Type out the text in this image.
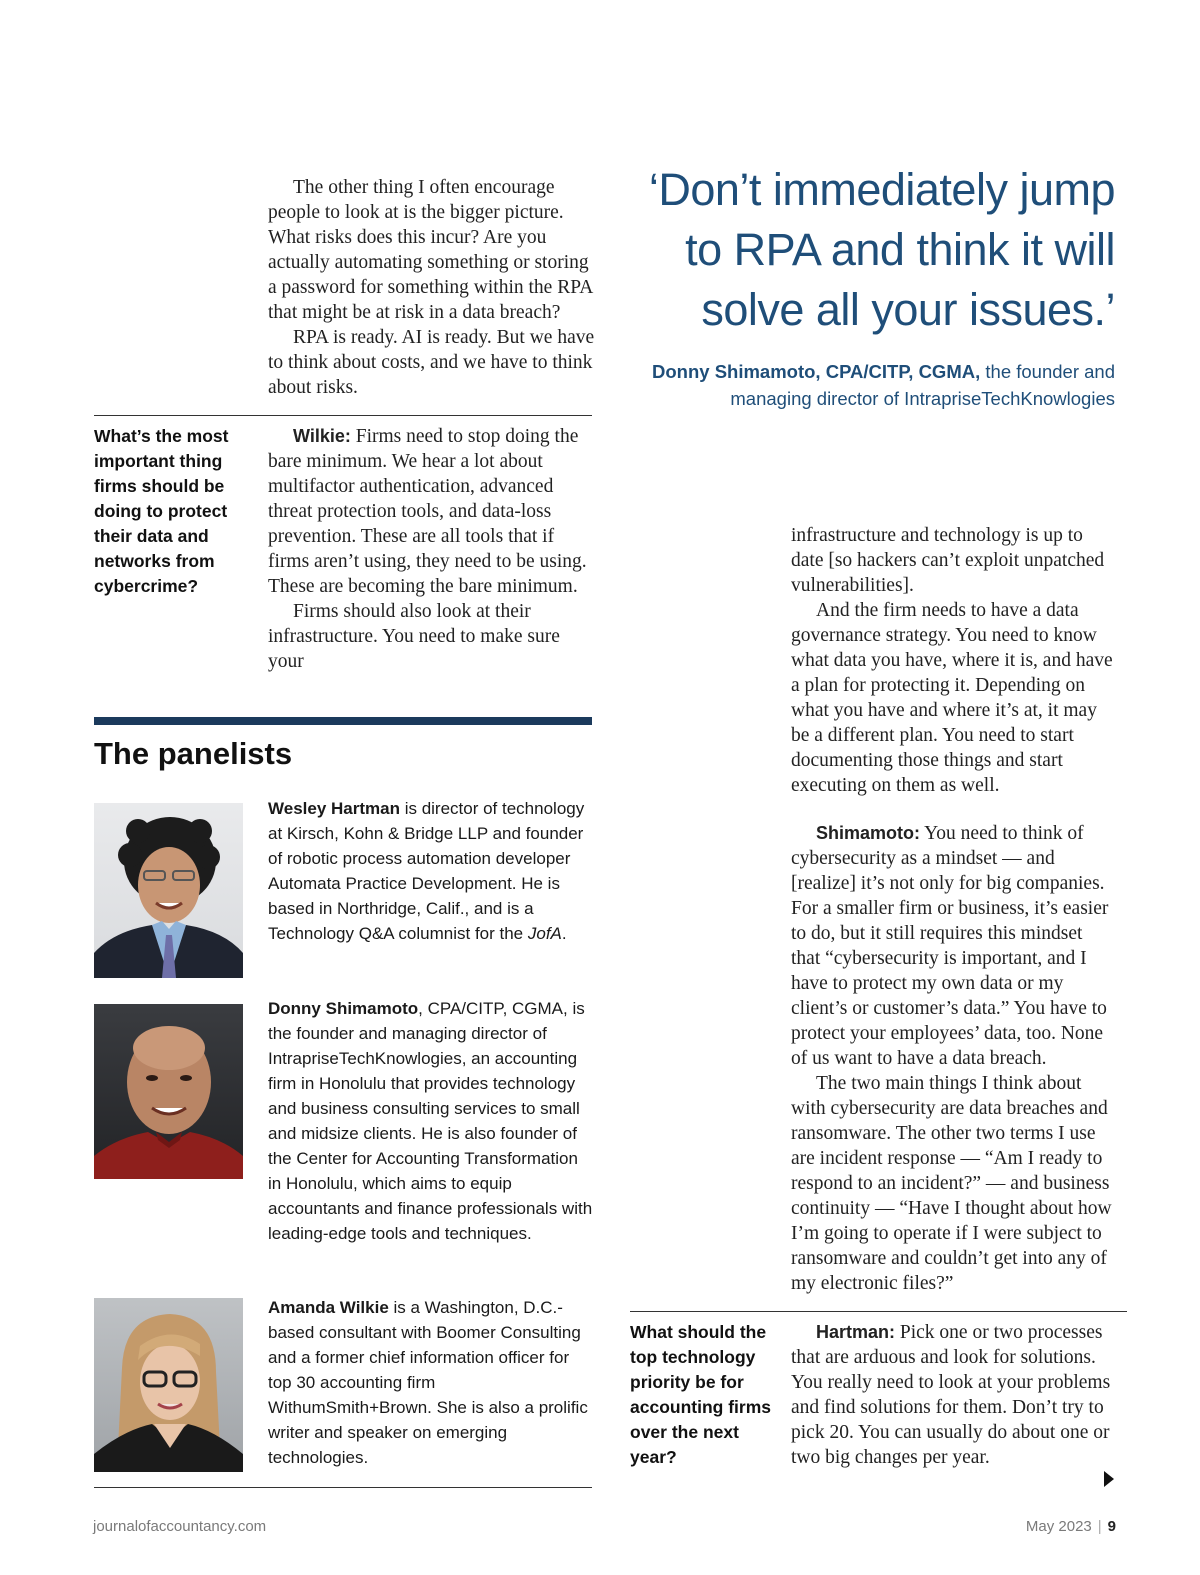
The other thing I often encourage people to look at is the bigger picture. What risks does this incur? Are you actually automating something or storing a password for something within the RPA that might be at risk in a data breach?

RPA is ready. AI is ready. But we have to think about costs, and we have to think about risks.

What’s the most important thing firms should be doing to protect their data and networks from cybercrime?

Wilkie: Firms need to stop doing the bare minimum. We hear a lot about multifactor authentication, advanced threat protection tools, and data-loss prevention. These are all tools that if firms aren’t using, they need to be using. These are becoming the bare minimum.

Firms should also look at their infrastructure. You need to make sure your

‘Don’t immediately jump to RPA and think it will solve all your issues.’
Donny Shimamoto, CPA/CITP, CGMA, the founder and managing director of IntrapriseTechKnowlogies
The panelists
Wesley Hartman is director of technology at Kirsch, Kohn & Bridge LLP and founder of robotic process automation developer Automata Practice Development. He is based in Northridge, Calif., and is a Technology Q&A columnist for the JofA.
Donny Shimamoto, CPA/CITP, CGMA, is the founder and managing director of IntrapriseTechKnowlogies, an accounting firm in Honolulu that provides technology and business consulting services to small and midsize clients. He is also founder of the Center for Accounting Transformation in Honolulu, which aims to equip accountants and finance professionals with leading-edge tools and techniques.
Amanda Wilkie is a Washington, D.C.-based consultant with Boomer Consulting and a former chief information officer for top 30 accounting firm WithumSmith+Brown. She is also a prolific writer and speaker on emerging technologies.

infrastructure and technology is up to date [so hackers can’t exploit unpatched vulnerabilities].

And the firm needs to have a data governance strategy. You need to know what data you have, where it is, and have a plan for protecting it. Depending on what you have and where it’s at, it may be a different plan. You need to start documenting those things and start executing on them as well.

Shimamoto: You need to think of cybersecurity as a mindset — and [realize] it’s not only for big companies. For a smaller firm or business, it’s easier to do, but it still requires this mindset that “cybersecurity is important, and I have to protect my own data or my client’s or customer’s data.” You have to protect your employees’ data, too. None of us want to have a data breach.

The two main things I think about with cybersecurity are data breaches and ransomware. The other two terms I use are incident response — “Am I ready to respond to an incident?” — and business continuity — “Have I thought about how I’m going to operate if I were subject to ransomware and couldn’t get into any of my electronic files?”

What should the top technology priority be for accounting firms over the next year?

Hartman: Pick one or two processes that are arduous and look for solutions. You really need to look at your problems and find solutions for them. Don’t try to pick 20. You can usually do about one or two big changes per year.

journalofaccountancy.com	May 2023 | 9
